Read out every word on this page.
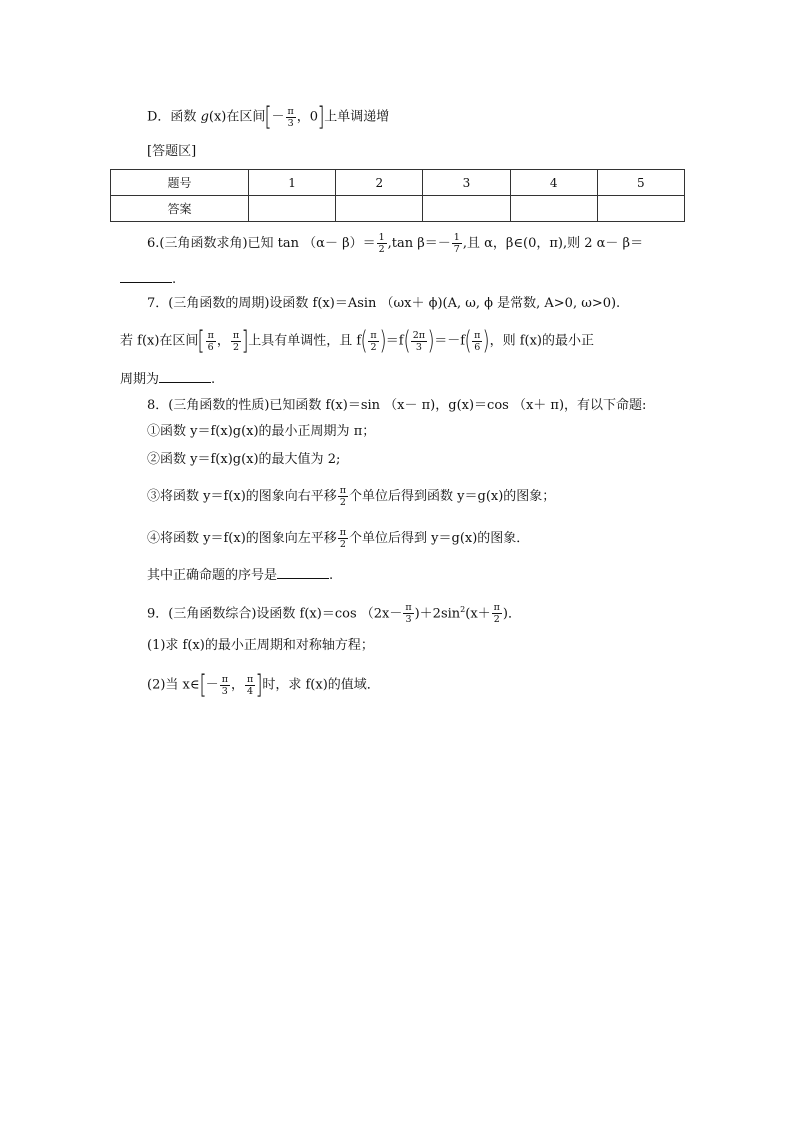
D．函数 g(x)在区间[－ $\frac{\pi}{3}$ ，0]上单调递增
[答题区]
题号	1	2	3	4	5
答案					
6.(三角函数求角)已知 $\tan (\alpha- \beta)= \frac{1}{2} ,\tan$ $\beta=- \frac{1}{7}$ ,且 α，β∈(0，π),则 2 α－ β＝
.
7．(三角函数的周期)设函数 f(x)＝Asin （ωx＋ ϕ)(A, ω, ϕ 是常数, A>0, ω>0).
若 f(x)在区间[ $\frac{\pi}{6}$ ， $\frac{\pi}{2}$ ]上具有单调性，且 $f( \frac{\pi}{2} )=f( \frac{2\pi}{3} )=-f( \frac{\pi}{6}$ )，则 f(x)的最小正
周期为	.
8．(三角函数的性质)已知函数 f(x)＝sin （x－ π)，g(x)＝cos （x＋ π)，有以下命题:
①函数 y＝f(x)g(x)的最小正周期为 π；
②函数 y＝f(x)g(x)的最大值为 2;
③将函数 y＝f(x)的图象向右平移 $\frac{\pi}{2}$ 个单位后得到函数 y＝g(x)的图象；
④将函数 y＝f(x)的图象向左平移 $\frac{\pi}{2}$ 个单位后得到 y＝g(x)的图象．
其中正确命题的序号是	.
9．(三角函数综合)设函数 f(x)＝cos $(2x- \frac{\pi}{3} )+2\sin^2(x+ \frac{\pi}{2}$ )．
(1)求 f(x)的最小正周期和对称轴方程；
(2)当 x∈[－ $\frac{\pi}{3}$ ， $\frac{\pi}{4}$ ]时，求 f(x)的值域．
